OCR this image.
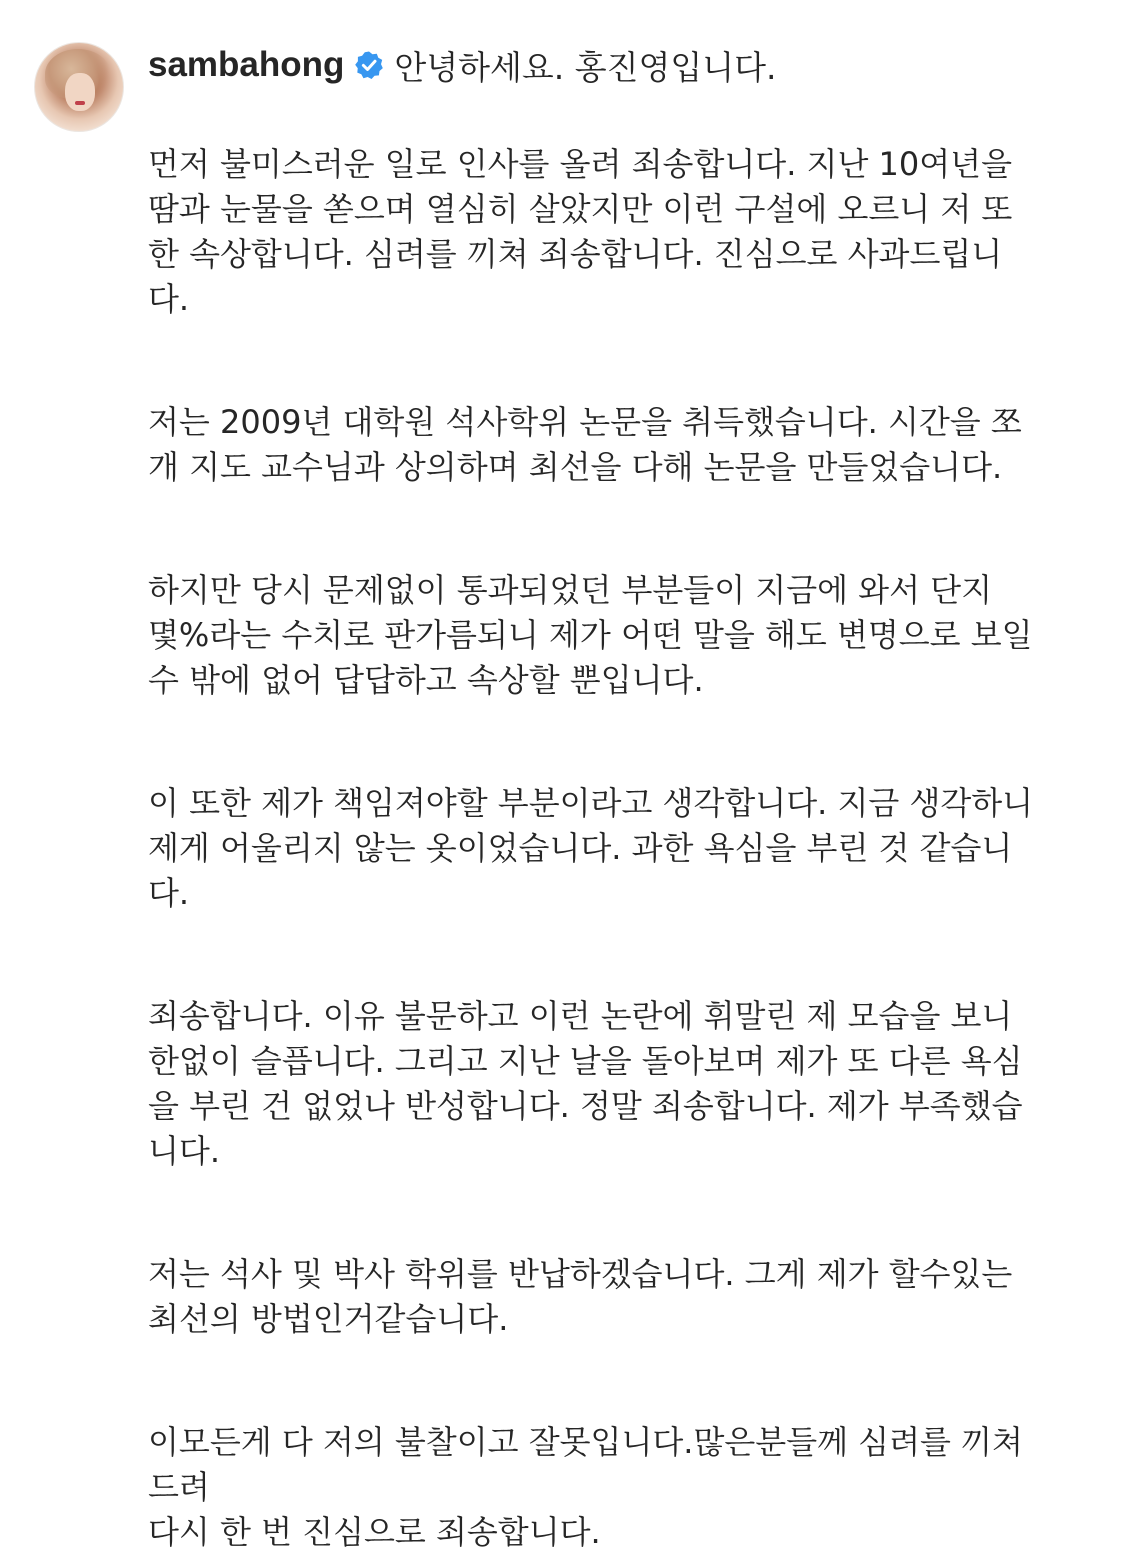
sambahong 안녕하세요. 홍진영입니다.

먼저 불미스러운 일로 인사를 올려 죄송합니다. 지난 10여년을
땀과 눈물을 쏟으며 열심히 살았지만 이런 구설에 오르니 저 또
한 속상합니다. 심려를 끼쳐 죄송합니다. 진심으로 사과드립니
다.

저는 2009년 대학원 석사학위 논문을 취득했습니다. 시간을 쪼
개 지도 교수님과 상의하며 최선을 다해 논문을 만들었습니다.

하지만 당시 문제없이 통과되었던 부분들이 지금에 와서 단지
몇%라는 수치로 판가름되니 제가 어떤 말을 해도 변명으로 보일
수 밖에 없어 답답하고 속상할 뿐입니다.

이 또한 제가 책임져야할 부분이라고 생각합니다. 지금 생각하니
제게 어울리지 않는 옷이었습니다. 과한 욕심을 부린 것 같습니
다.

죄송합니다. 이유 불문하고 이런 논란에 휘말린 제 모습을 보니
한없이 슬픕니다. 그리고 지난 날을 돌아보며 제가 또 다른 욕심
을 부린 건 없었나 반성합니다. 정말 죄송합니다. 제가 부족했습
니다.

저는 석사 및 박사 학위를 반납하겠습니다. 그게 제가 할수있는
최선의 방법인거같습니다.

이모든게 다 저의 불찰이고 잘못입니다.많은분들께 심려를 끼쳐
드려
다시 한 번 진심으로 죄송합니다.
